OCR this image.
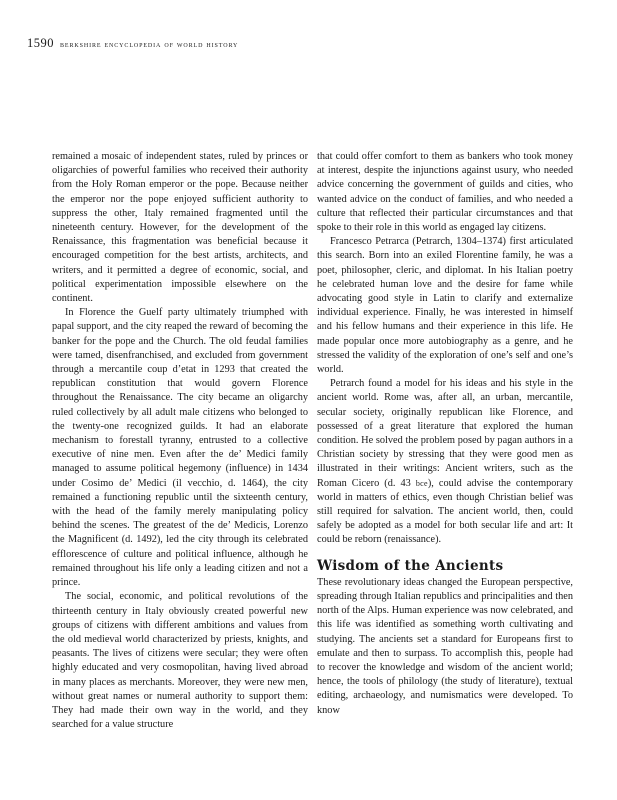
1590 berkshire encyclopedia of world history

remained a mosaic of independent states, ruled by princes or oligarchies of powerful families who received their authority from the Holy Roman emperor or the pope. Because neither the emperor nor the pope enjoyed sufficient authority to suppress the other, Italy remained fragmented until the nineteenth century. However, for the development of the Renaissance, this fragmentation was beneficial because it encouraged competition for the best artists, architects, and writers, and it permitted a degree of economic, social, and political experimentation impossible elsewhere on the continent.

In Florence the Guelf party ultimately triumphed with papal support, and the city reaped the reward of becoming the banker for the pope and the Church. The old feudal families were tamed, disenfranchised, and excluded from government through a mercantile coup d’etat in 1293 that created the republican constitution that would govern Florence throughout the Renaissance. The city became an oligarchy ruled collectively by all adult male citizens who belonged to the twenty-one recognized guilds. It had an elaborate mechanism to forestall tyranny, entrusted to a collective executive of nine men. Even after the de’ Medici family managed to assume political hegemony (influence) in 1434 under Cosimo de’ Medici (il vecchio, d. 1464), the city remained a functioning republic until the sixteenth century, with the head of the family merely manipulating policy behind the scenes. The greatest of the de’ Medicis, Lorenzo the Magnificent (d. 1492), led the city through its celebrated efflorescence of culture and political influence, although he remained throughout his life only a leading citizen and not a prince.

The social, economic, and political revolutions of the thirteenth century in Italy obviously created powerful new groups of citizens with different ambitions and values from the old medieval world characterized by priests, knights, and peasants. The lives of citizens were secular; they were often highly educated and very cosmopolitan, having lived abroad in many places as merchants. Moreover, they were new men, without great names or numeral authority to support them: They had made their own way in the world, and they searched for a value structure

that could offer comfort to them as bankers who took money at interest, despite the injunctions against usury, who needed advice concerning the government of guilds and cities, who wanted advice on the conduct of families, and who needed a culture that reflected their particular circumstances and that spoke to their role in this world as engaged lay citizens.

Francesco Petrarca (Petrarch, 1304–1374) first articulated this search. Born into an exiled Florentine family, he was a poet, philosopher, cleric, and diplomat. In his Italian poetry he celebrated human love and the desire for fame while advocating good style in Latin to clarify and externalize individual experience. Finally, he was interested in himself and his fellow humans and their experience in this life. He made popular once more autobiography as a genre, and he stressed the validity of the exploration of one’s self and one’s world.

Petrarch found a model for his ideas and his style in the ancient world. Rome was, after all, an urban, mercantile, secular society, originally republican like Florence, and possessed of a great literature that explored the human condition. He solved the problem posed by pagan authors in a Christian society by stressing that they were good men as illustrated in their writings: Ancient writers, such as the Roman Cicero (d. 43 bce), could advise the contemporary world in matters of ethics, even though Christian belief was still required for salvation. The ancient world, then, could safely be adopted as a model for both secular life and art: It could be reborn (renaissance).

Wisdom of the Ancients

These revolutionary ideas changed the European perspective, spreading through Italian republics and principalities and then north of the Alps. Human experience was now celebrated, and this life was identified as something worth cultivating and studying. The ancients set a standard for Europeans first to emulate and then to surpass. To accomplish this, people had to recover the knowledge and wisdom of the ancient world; hence, the tools of philology (the study of literature), textual editing, archaeology, and numismatics were developed. To know
